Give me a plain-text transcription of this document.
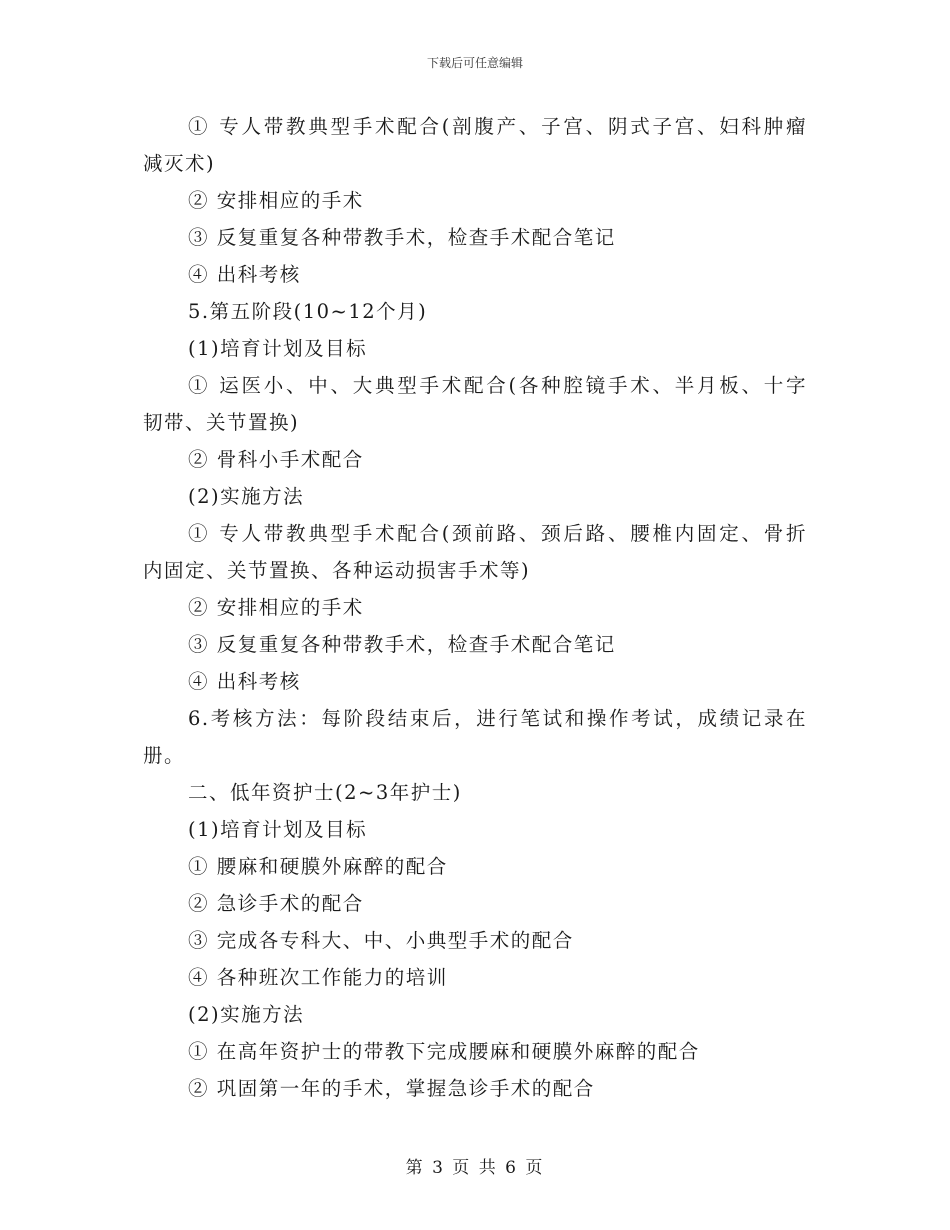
下载后可任意编辑
① 专人带教典型手术配合(剖腹产、子宫、阴式子宫、妇科肿瘤
减灭术)
② 安排相应的手术
③ 反复重复各种带教手术，检查手术配合笔记
④ 出科考核
5.第五阶段(10~12个月)
(1)培育计划及目标
① 运医小、中、大典型手术配合(各种腔镜手术、半月板、十字
韧带、关节置换)
② 骨科小手术配合
(2)实施方法
① 专人带教典型手术配合(颈前路、颈后路、腰椎内固定、骨折
内固定、关节置换、各种运动损害手术等)
② 安排相应的手术
③ 反复重复各种带教手术，检查手术配合笔记
④ 出科考核
6.考核方法：每阶段结束后，进行笔试和操作考试，成绩记录在
册。
二、低年资护士(2~3年护士)
(1)培育计划及目标
① 腰麻和硬膜外麻醉的配合
② 急诊手术的配合
③ 完成各专科大、中、小典型手术的配合
④ 各种班次工作能力的培训
(2)实施方法
① 在高年资护士的带教下完成腰麻和硬膜外麻醉的配合
② 巩固第一年的手术，掌握急诊手术的配合
第 3 页 共 6 页
